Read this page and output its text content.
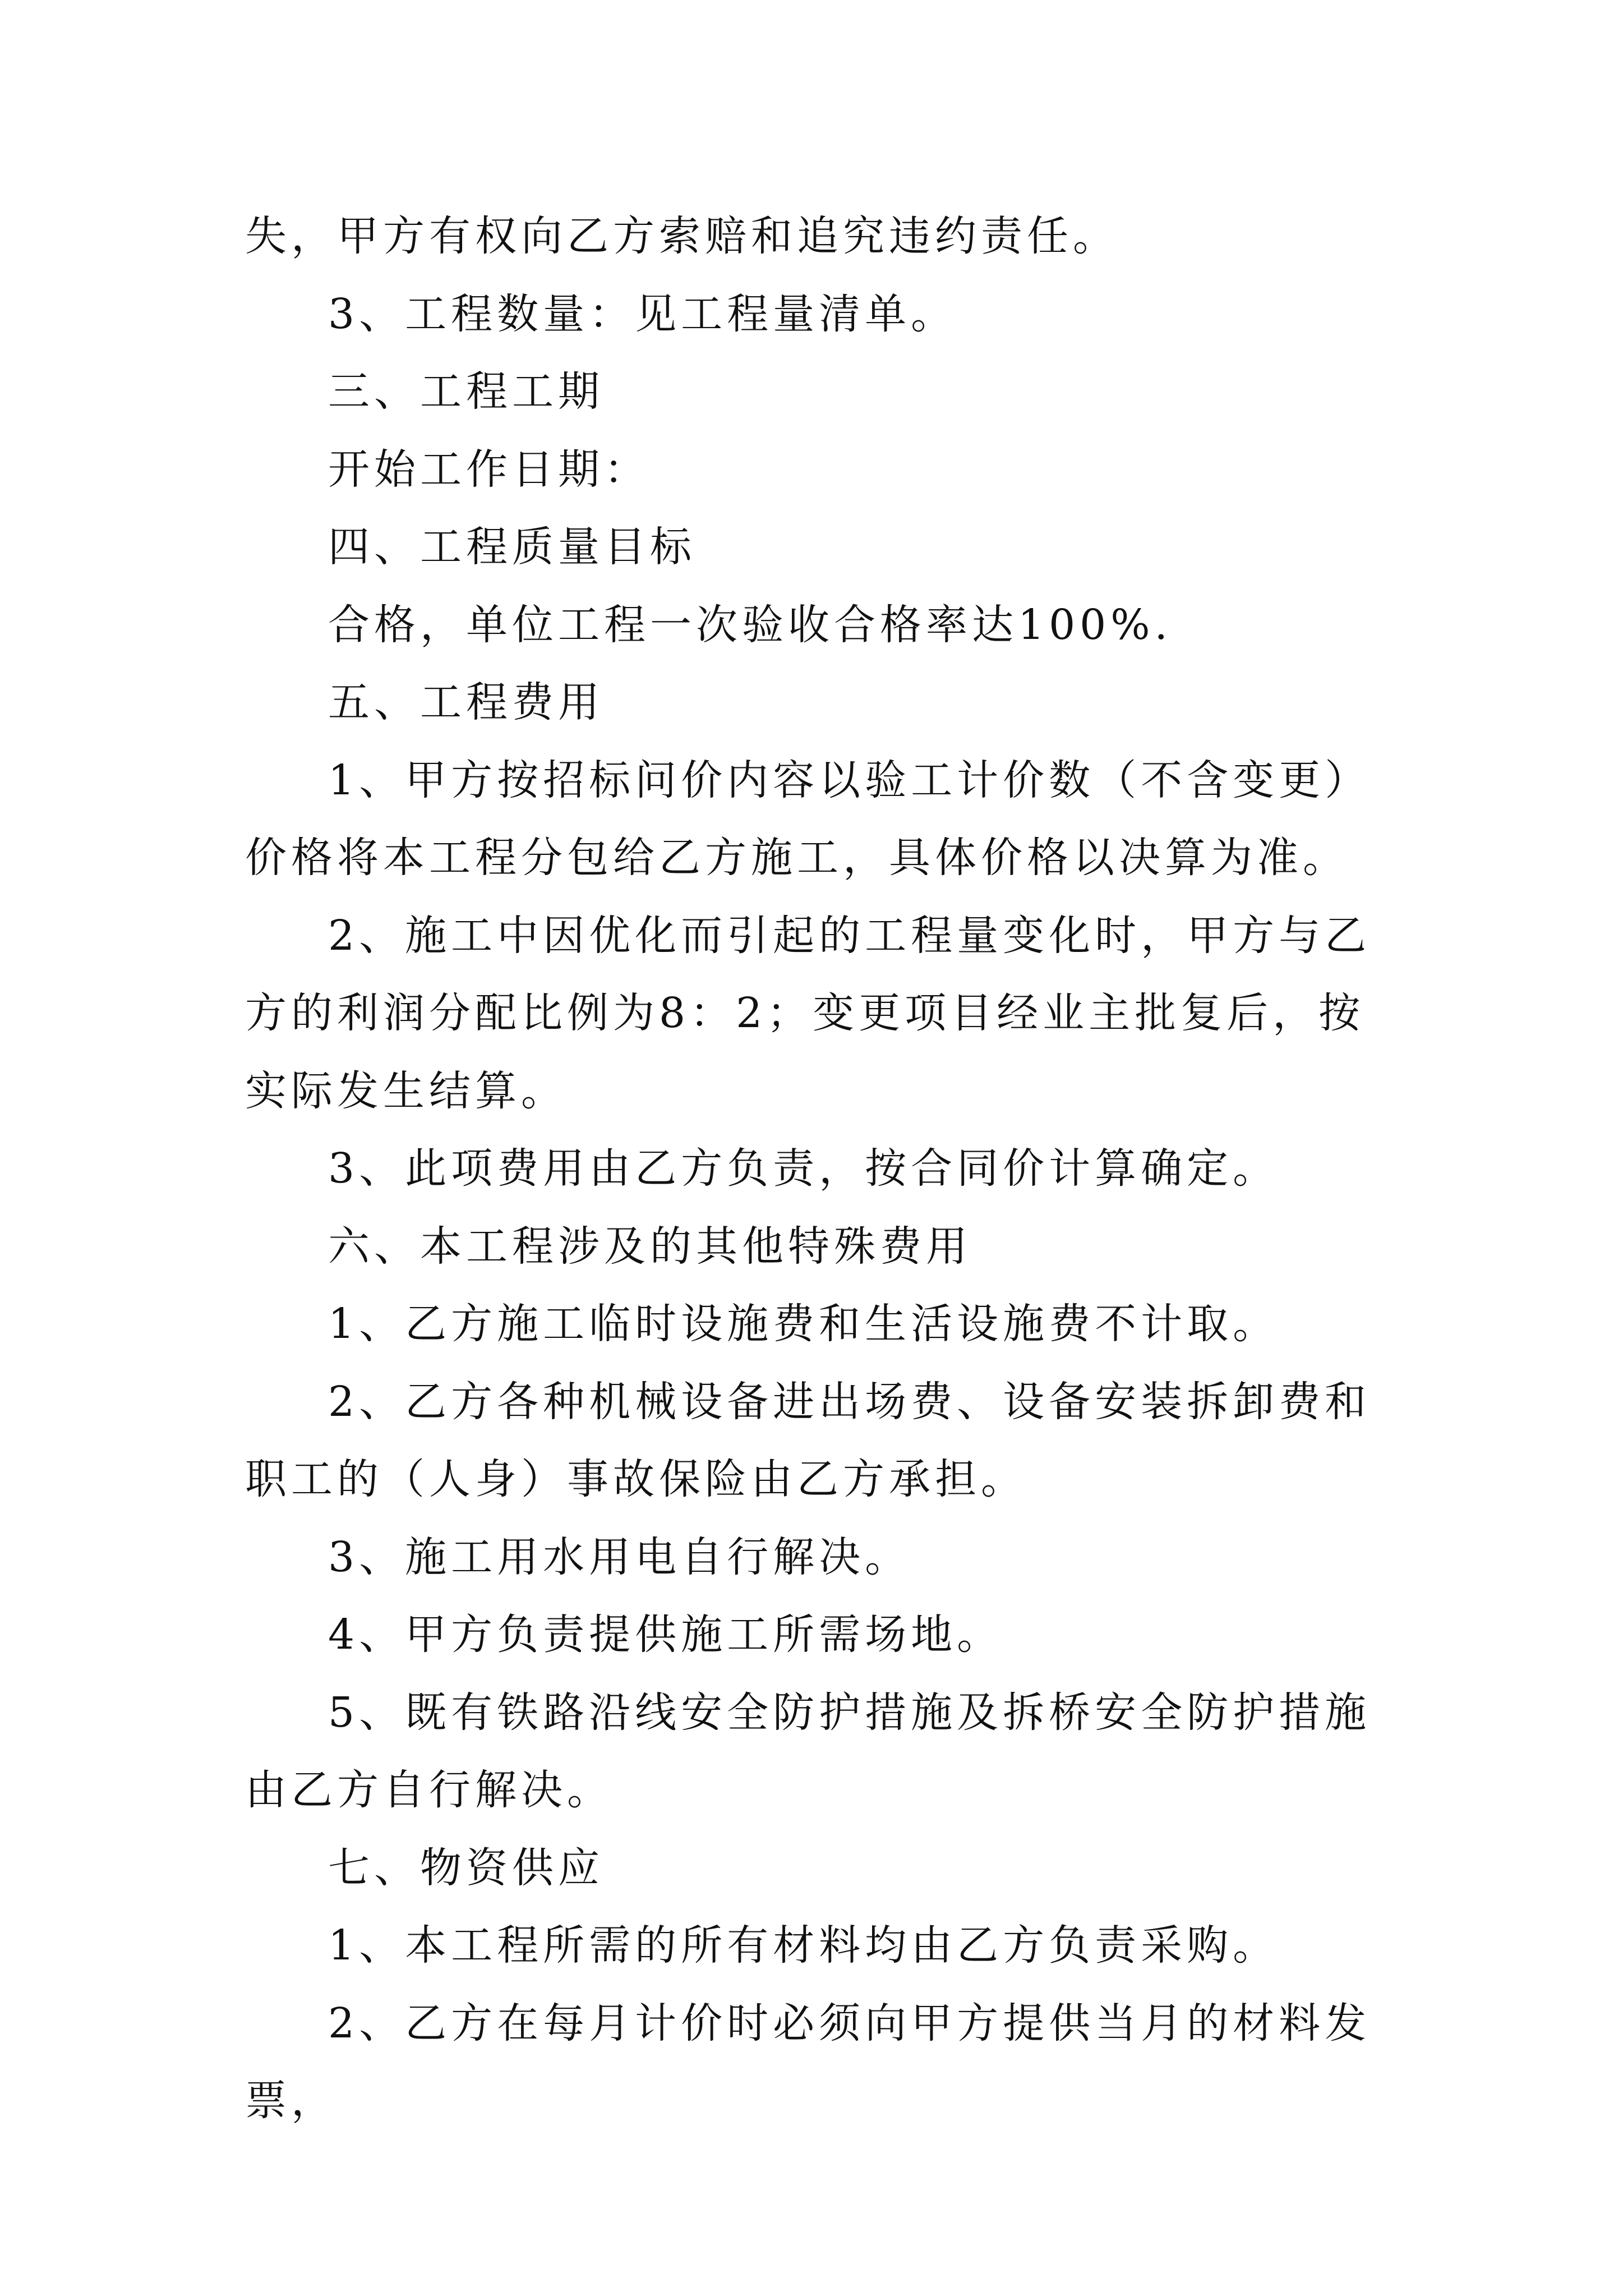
失，甲方有权向乙方索赔和追究违约责任。

3、工程数量：见工程量清单。

三、工程工期

开始工作日期：

四、工程质量目标

合格，单位工程一次验收合格率达100%.

五、工程费用

1、甲方按招标问价内容以验工计价数（不含变更）价格将本工程分包给乙方施工，具体价格以决算为准。

2、施工中因优化而引起的工程量变化时，甲方与乙方的利润分配比例为8：2；变更项目经业主批复后，按实际发生结算。

3、此项费用由乙方负责，按合同价计算确定。

六、本工程涉及的其他特殊费用

1、乙方施工临时设施费和生活设施费不计取。

2、乙方各种机械设备进出场费、设备安装拆卸费和职工的（人身）事故保险由乙方承担。

3、施工用水用电自行解决。

4、甲方负责提供施工所需场地。

5、既有铁路沿线安全防护措施及拆桥安全防护措施由乙方自行解决。

七、物资供应

1、本工程所需的所有材料均由乙方负责采购。

2、乙方在每月计价时必须向甲方提供当月的材料发票，
